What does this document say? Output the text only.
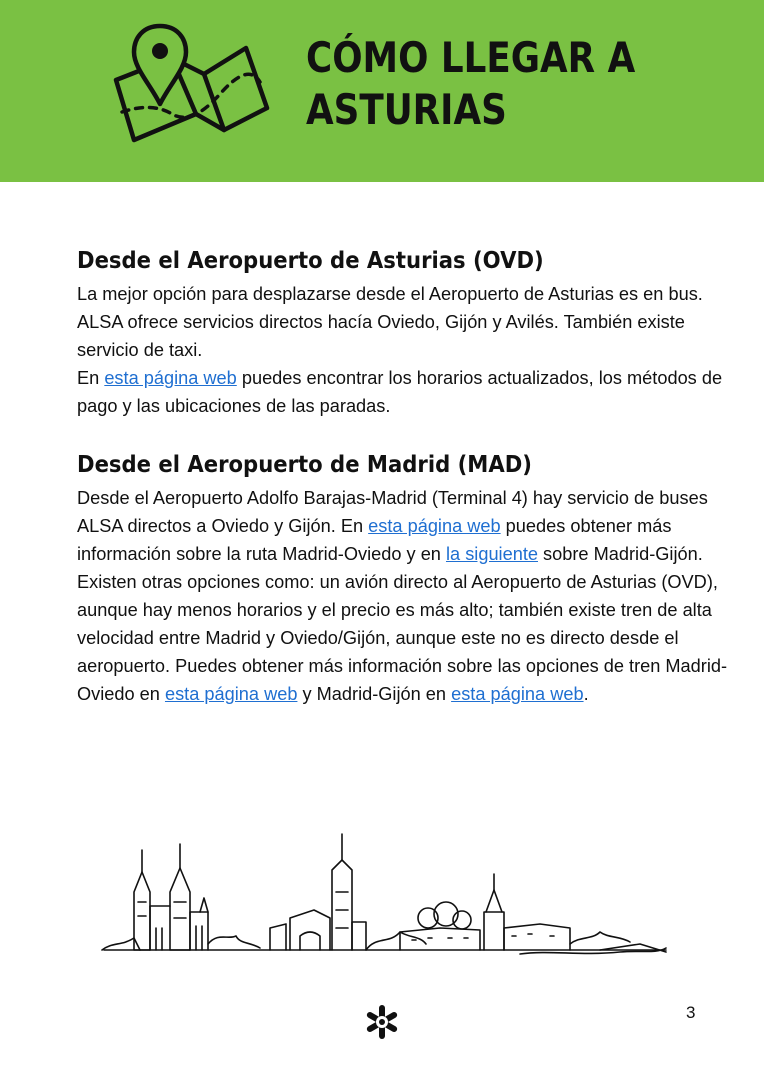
CÓMO LLEGAR A
ASTURIAS
Desde el Aeropuerto de Asturias (OVD)

La mejor opción para desplazarse desde el Aeropuerto de Asturias es en bus. ALSA ofrece servicios directos hacía Oviedo, Gijón y Avilés. También existe servicio de taxi.

En esta página web puedes encontrar los horarios actualizados, los métodos de pago y las ubicaciones de las paradas.

Desde el Aeropuerto de Madrid (MAD)

Desde el Aeropuerto Adolfo Barajas-Madrid (Terminal 4) hay servicio de buses ALSA directos a Oviedo y Gijón. En esta página web puedes obtener más información sobre la ruta Madrid-Oviedo y en la siguiente sobre Madrid-Gijón.

Existen otras opciones como: un avión directo al Aeropuerto de Asturias (OVD), aunque hay menos horarios y el precio es más alto; también existe tren de alta velocidad entre Madrid y Oviedo/Gijón, aunque este no es directo desde el aeropuerto. Puedes obtener más información sobre las opciones de tren Madrid-Oviedo en esta página web y Madrid-Gijón en esta página web.

3
